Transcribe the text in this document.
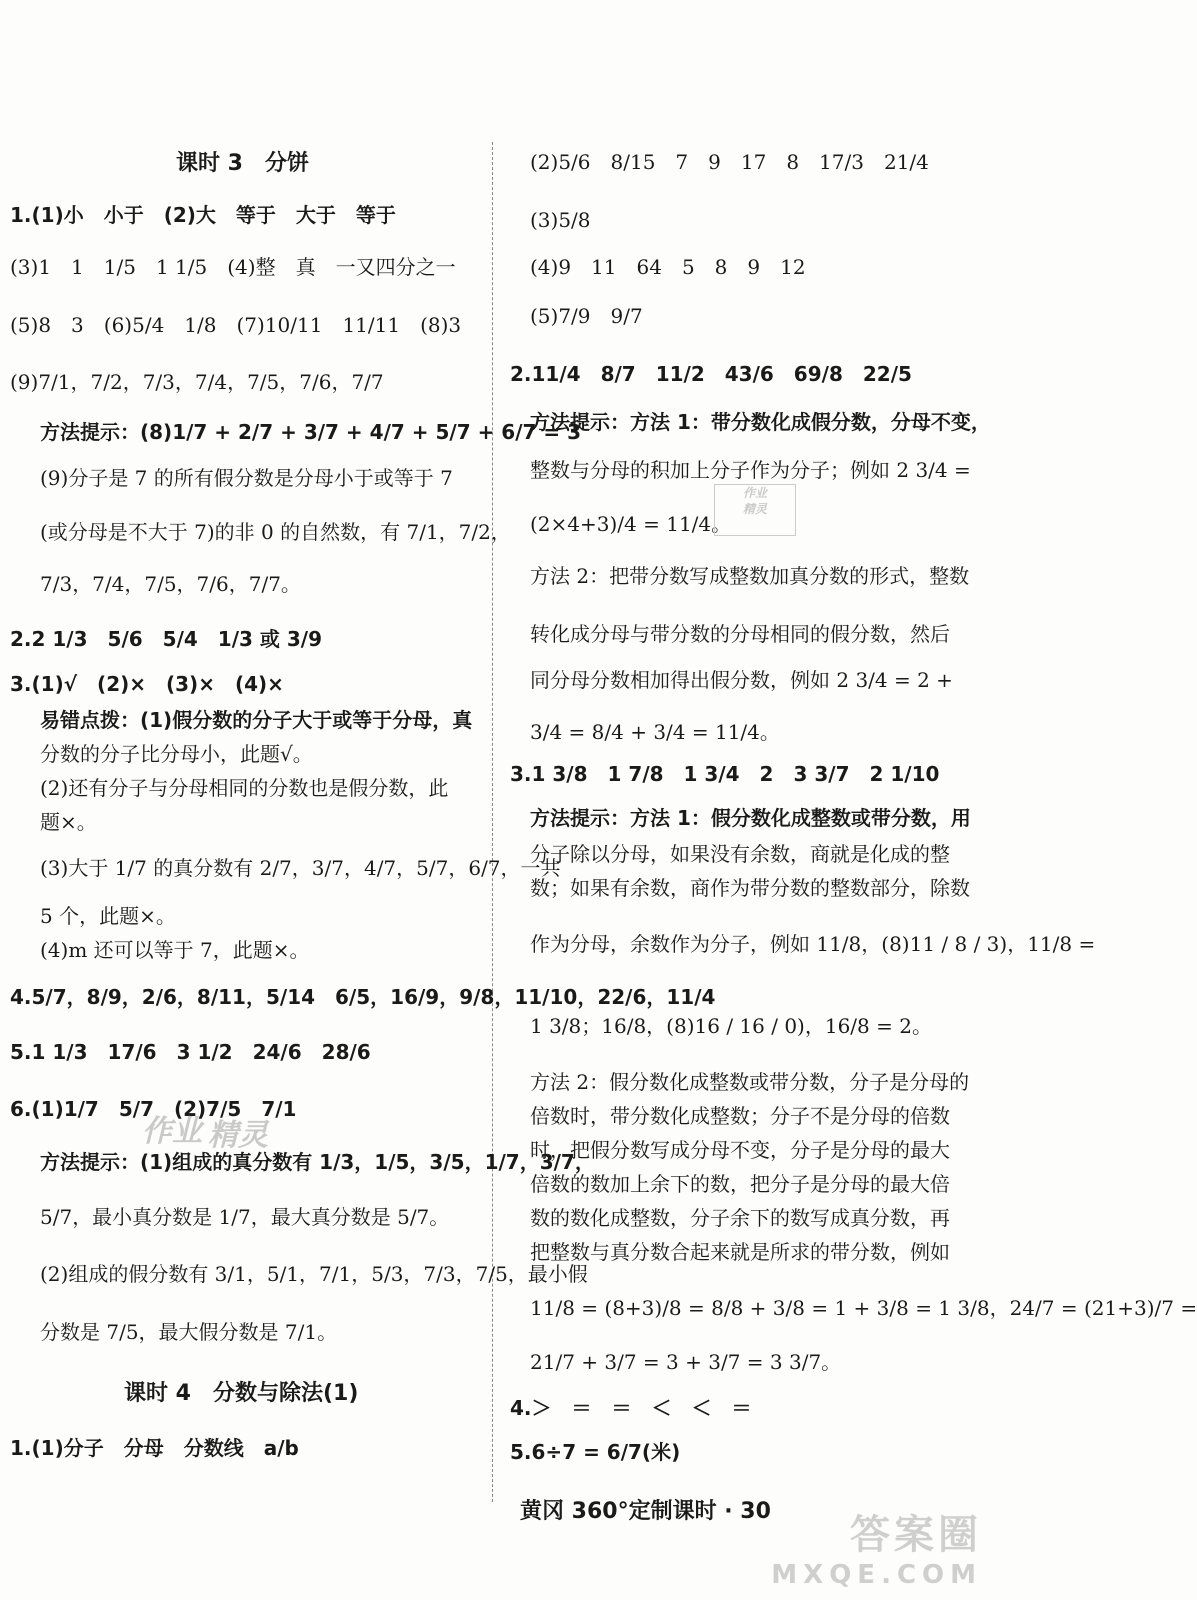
课时 3　分饼
1.(1)小　小于　(2)大　等于　大于　等于
(3)1　1　1/5　1 1/5　(4)整　真　一又四分之一
(5)8　3　(6)5/4　1/8　(7)10/11　11/11　(8)3
(9)7/1，7/2，7/3，7/4，7/5，7/6，7/7
方法提示：(8)1/7 + 2/7 + 3/7 + 4/7 + 5/7 + 6/7 = 3
(9)分子是 7 的所有假分数是分母小于或等于 7
(或分母是不大于 7)的非 0 的自然数，有 7/1，7/2，
7/3，7/4，7/5，7/6，7/7。
2.2 1/3　5/6　5/4　1/3 或 3/9
3.(1)√　(2)×　(3)×　(4)×
易错点拨：(1)假分数的分子大于或等于分母，真
分数的分子比分母小，此题√。
(2)还有分子与分母相同的分数也是假分数，此
题×。
(3)大于 1/7 的真分数有 2/7，3/7，4/7，5/7，6/7，一共
5 个，此题×。
(4)m 还可以等于 7，此题×。
4.5/7，8/9，2/6，8/11，5/14　6/5，16/9，9/8，11/10，22/6，11/4
5.1 1/3　17/6　3 1/2　24/6　28/6
6.(1)1/7　5/7　(2)7/5　7/1
方法提示：(1)组成的真分数有 1/3，1/5，3/5，1/7，3/7，
5/7，最小真分数是 1/7，最大真分数是 5/7。
(2)组成的假分数有 3/1，5/1，7/1，5/3，7/3，7/5，最小假
分数是 7/5，最大假分数是 7/1。
课时 4　分数与除法(1)
1.(1)分子　分母　分数线　a/b
(2)5/6　8/15　7　9　17　8　17/3　21/4
(3)5/8
(4)9　11　64　5　8　9　12
(5)7/9　9/7
2.11/4　8/7　11/2　43/6　69/8　22/5
方法提示：方法 1：带分数化成假分数，分母不变，
整数与分母的积加上分子作为分子；例如 2 3/4 =
(2×4+3)/4 = 11/4。
方法 2：把带分数写成整数加真分数的形式，整数
转化成分母与带分数的分母相同的假分数，然后
同分母分数相加得出假分数，例如 2 3/4 = 2 +
3/4 = 8/4 + 3/4 = 11/4。
3.1 3/8　1 7/8　1 3/4　2　3 3/7　2 1/10
方法提示：方法 1：假分数化成整数或带分数，用
分子除以分母，如果没有余数，商就是化成的整
数；如果有余数，商作为带分数的整数部分，除数
作为分母，余数作为分子，例如 11/8，(8)11 / 8 / 3)，11/8 =
1 3/8；16/8，(8)16 / 16 / 0)，16/8 = 2。
方法 2：假分数化成整数或带分数，分子是分母的
倍数时，带分数化成整数；分子不是分母的倍数
时，把假分数写成分母不变，分子是分母的最大
倍数的数加上余下的数，把分子是分母的最大倍
数的数化成整数，分子余下的数写成真分数，再
把整数与真分数合起来就是所求的带分数，例如
11/8 = (8+3)/8 = 8/8 + 3/8 = 1 + 3/8 = 1 3/8，24/7 = (21+3)/7 =
21/7 + 3/7 = 3 + 3/7 = 3 3/7。
4.＞　＝　＝　＜　＜　＝
5.6÷7 = 6/7(米)
作业
精灵
作业 精灵
黄冈 360°定制课时 · 30
答案圈
MXQE.COM
